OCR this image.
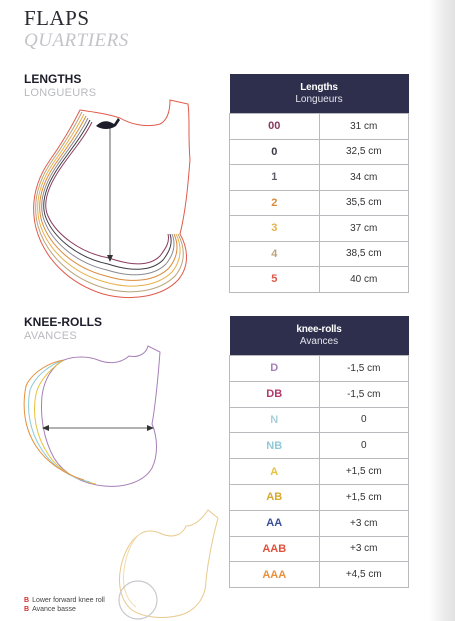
FLAPS
QUARTIERS
LENGTHS
LONGUEURS	Lengths
Longueurs	

00	31 cm
0	32,5 cm
1	34 cm
2	35,5 cm
3	37 cm
4	38,5 cm
5	40 cm
KNEE-ROLLS
AVANCES
knee-rolls
Avances	

D	-1,5 cm
DB	-1,5 cm
N	0
NB	0
A	+1,5 cm
AB	+1,5 cm
AA	+3 cm
AAB	+3 cm
AAA	+4,5 cm
B Lower forward knee roll
B Avance basse
